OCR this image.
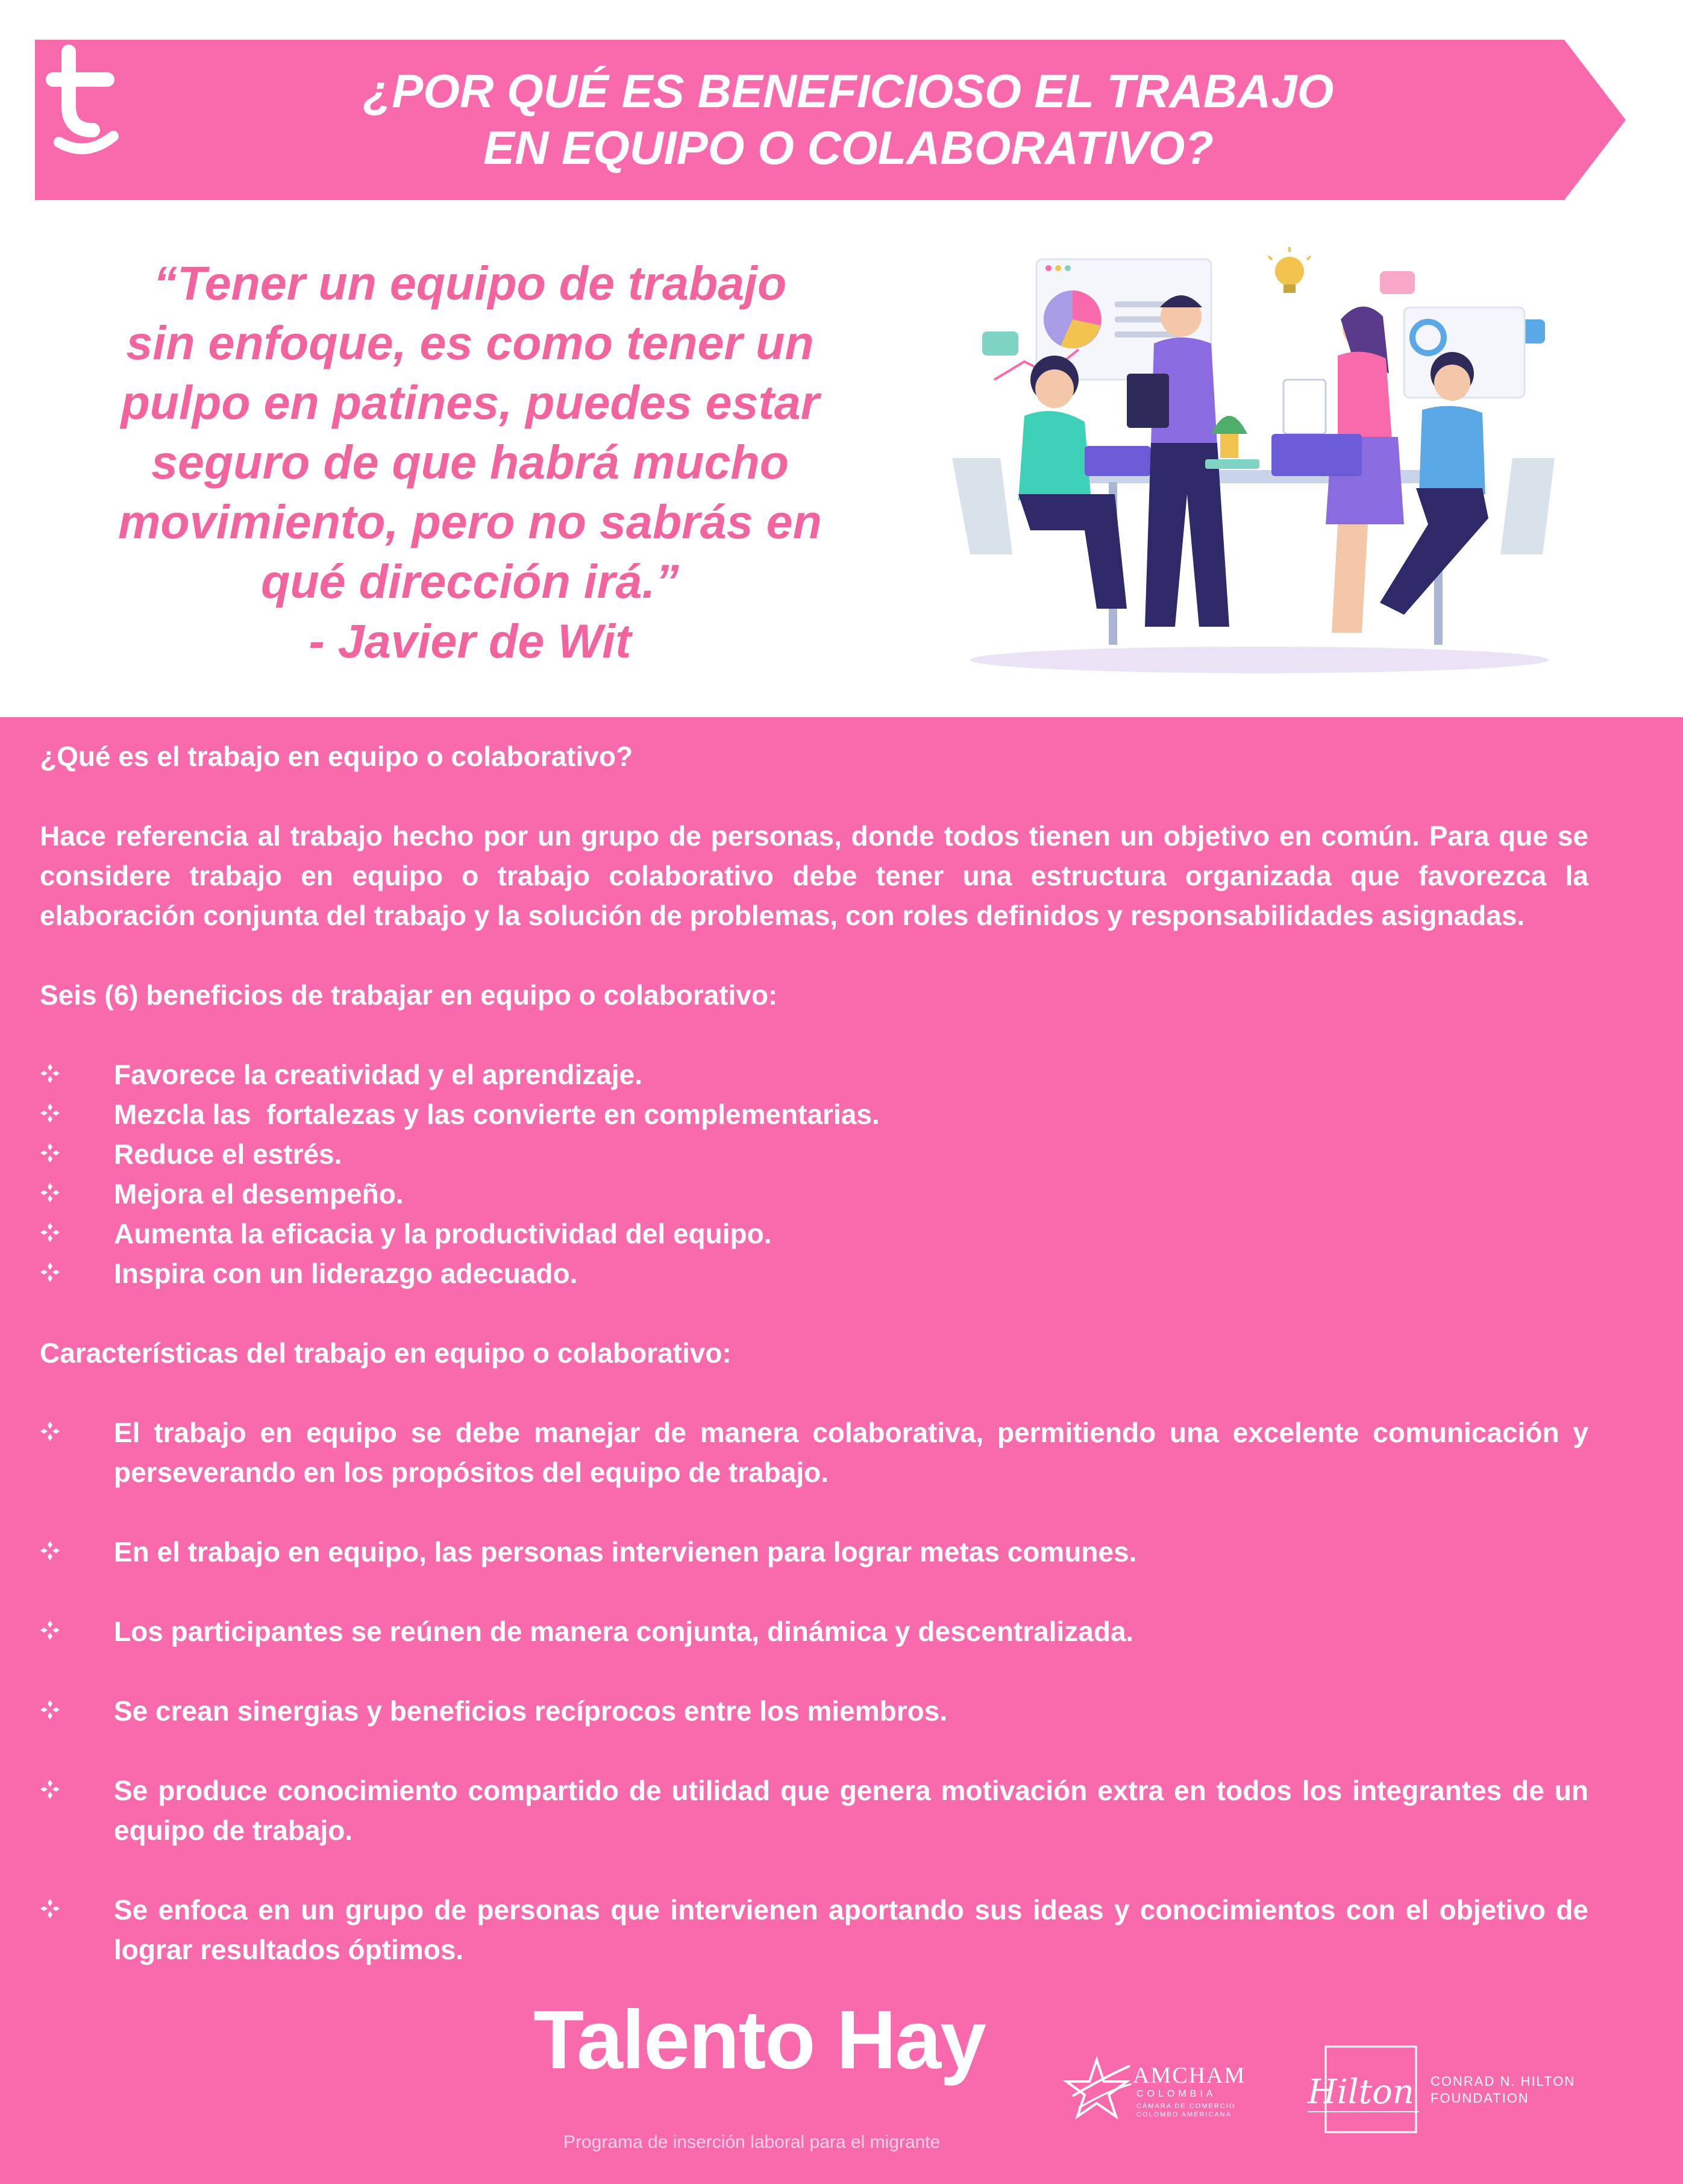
¿POR QUÉ ES BENEFICIOSO EL TRABAJO
EN EQUIPO O COLABORATIVO?
“Tener un equipo de trabajo
sin enfoque, es como tener un
pulpo en patines, puedes estar
seguro de que habrá mucho
movimiento, pero no sabrás en
qué dirección irá.”
- Javier de Wit

¿Qué es el trabajo en equipo o colaborativo?

Hace referencia al trabajo hecho por un grupo de personas, donde todos tienen un objetivo en común. Para que se considere trabajo en equipo o trabajo colaborativo debe tener una estructura organizada que favorezca la elaboración conjunta del trabajo y la solución de problemas, con roles definidos y responsabilidades asignadas.

Seis (6) beneficios de trabajar en equipo o colaborativo:

Favorece la creatividad y el aprendizaje.
Mezcla las  fortalezas y las convierte en complementarias.
Reduce el estrés.
Mejora el desempeño.
Aumenta la eficacia y la productividad del equipo.
Inspira con un liderazgo adecuado.

Características del trabajo en equipo o colaborativo:

El trabajo en equipo se debe manejar de manera colaborativa, permitiendo una excelente comunicación y perseverando en los propósitos del equipo de trabajo.
En el trabajo en equipo, las personas intervienen para lograr metas comunes.
Los participantes se reúnen de manera conjunta, dinámica y descentralizada.
Se crean sinergias y beneficios recíprocos entre los miembros.
Se produce conocimiento compartido de utilidad que genera motivación extra en todos los integrantes de un equipo de trabajo.
Se enfoca en un grupo de personas que intervienen aportando sus ideas y conocimientos con el objetivo de lograr resultados óptimos.
Talento Hay
Programa de inserción laboral para el migrante
AMCHAM
COLOMBIA
CÁMARA DE COMERCIO
COLOMBO AMERICANA
Hilton CONRAD N. HILTON
FOUNDATION
